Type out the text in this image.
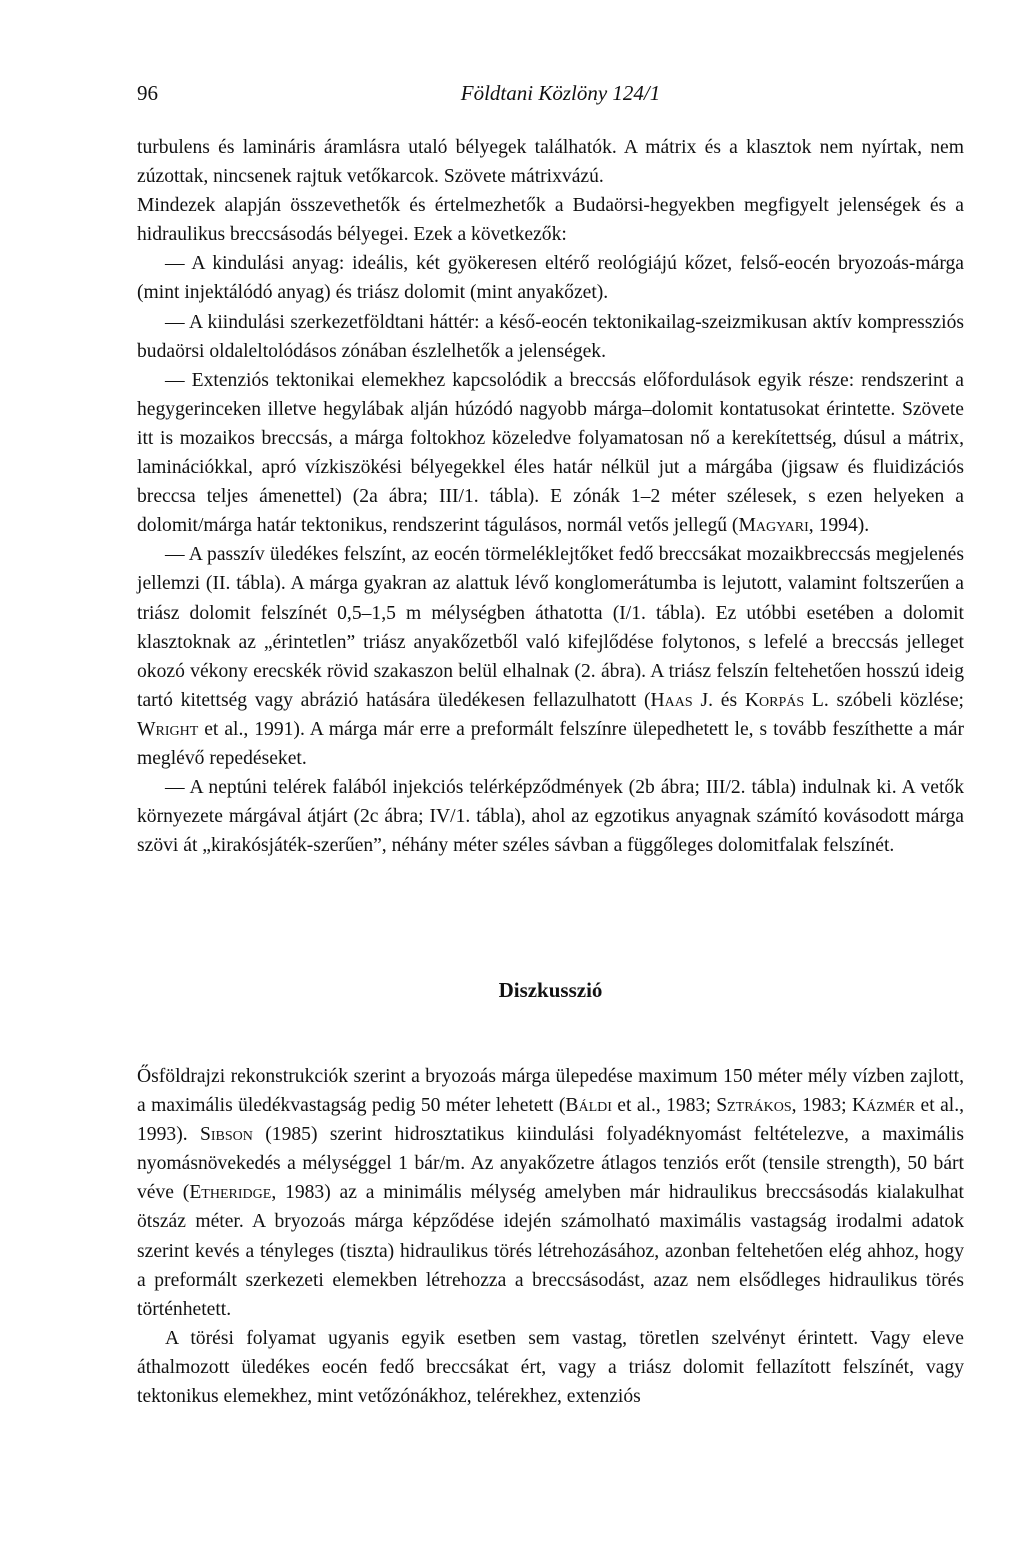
96	Földtani Közlöny 124/1

turbulens és lamináris áramlásra utaló bélyegek találhatók. A mátrix és a klasztok nem nyírtak, nem zúzottak, nincsenek rajtuk vetőkarcok. Szövete mátrixvázú.

Mindezek alapján összevethetők és értelmezhetők a Budaörsi-hegyekben megfigyelt jelenségek és a hidraulikus breccsásodás bélyegei. Ezek a következők:

— A kindulási anyag: ideális, két gyökeresen eltérő reológiájú kőzet, felső-eocén bryozoás-márga (mint injektálódó anyag) és triász dolomit (mint anyakőzet).

— A kiindulási szerkezetföldtani háttér: a késő-eocén tektonikailag-szeizmikusan aktív kompressziós budaörsi oldaleltolódásos zónában észlelhetők a jelenségek.

— Extenziós tektonikai elemekhez kapcsolódik a breccsás előfordulások egyik része: rendszerint a hegygerinceken illetve hegylábak alján húzódó nagyobb márga–dolomit kontatusokat érintette. Szövete itt is mozaikos breccsás, a márga foltokhoz közeledve folyamatosan nő a kerekítettség, dúsul a mátrix, laminációkkal, apró vízkiszökési bélyegekkel éles határ nélkül jut a márgába (jigsaw és fluidizációs breccsa teljes ámenettel) (2a ábra; III/1. tábla). E zónák 1–2 méter szélesek, s ezen helyeken a dolomit/márga határ tektonikus, rendszerint tágulásos, normál vetős jellegű (Magyari, 1994).

— A passzív üledékes felszínt, az eocén törmeléklejtőket fedő breccsákat mozaikbreccsás megjelenés jellemzi (II. tábla). A márga gyakran az alattuk lévő konglomerátumba is lejutott, valamint foltszerűen a triász dolomit felszínét 0,5–1,5 m mélységben áthatotta (I/1. tábla). Ez utóbbi esetében a dolomit klasztoknak az „érintetlen” triász anyakőzetből való kifejlődése folytonos, s lefelé a breccsás jelleget okozó vékony erecskék rövid szakaszon belül elhalnak (2. ábra). A triász felszín feltehetően hosszú ideig tartó kitettség vagy abrázió hatására üledékesen fellazulhatott (Haas J. és Korpás L. szóbeli közlése; Wright et al., 1991). A márga már erre a preformált felszínre ülepedhetett le, s tovább feszíthette a már meglévő repedéseket.

— A neptúni telérek falából injekciós telérképződmények (2b ábra; III/2. tábla) indulnak ki. A vetők környezete márgával átjárt (2c ábra; IV/1. tábla), ahol az egzotikus anyagnak számító kovásodott márga szövi át „kirakósjáték-szerűen”, néhány méter széles sávban a függőleges dolomitfalak felszínét.

Diszkusszió

Ősföldrajzi rekonstrukciók szerint a bryozoás márga ülepedése maximum 150 méter mély vízben zajlott, a maximális üledékvastagság pedig 50 méter lehetett (Báldi et al., 1983; Sztrákos, 1983; Kázmér et al., 1993). Sibson (1985) szerint hidrosztatikus kiindulási folyadéknyomást feltételezve, a maximális nyomásnövekedés a mélységgel 1 bár/m. Az anyakőzetre átlagos tenziós erőt (tensile strength), 50 bárt véve (Etheridge, 1983) az a minimális mélység amelyben már hidraulikus breccsásodás kialakulhat ötszáz méter. A bryozoás márga képződése idején számolható maximális vastagság irodalmi adatok szerint kevés a tényleges (tiszta) hidraulikus törés létrehozásához, azonban feltehetően elég ahhoz, hogy a preformált szerkezeti elemekben létrehozza a breccsásodást, azaz nem elsődleges hidraulikus törés történhetett.

A törési folyamat ugyanis egyik esetben sem vastag, töretlen szelvényt érintett. Vagy eleve áthalmozott üledékes eocén fedő breccsákat ért, vagy a triász dolomit fellazított felszínét, vagy tektonikus elemekhez, mint vetőzónákhoz, telérekhez, extenziós
